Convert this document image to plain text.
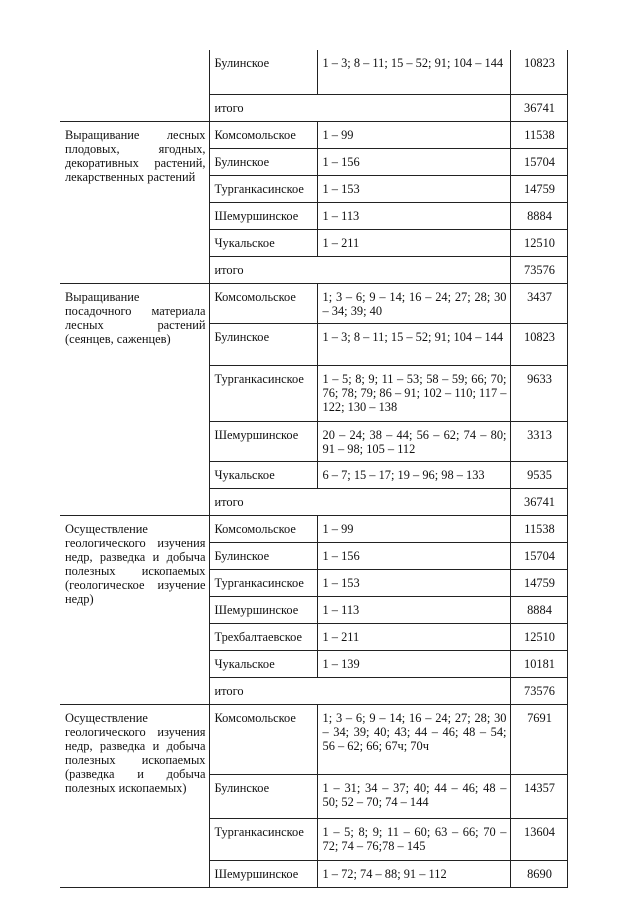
	Булинское	1 – 3; 8 – 11; 15 – 52; 91; 104 – 144	10823
	итого		36741
Выращивание лесных плодовых, ягодных, декоративных растений, лекарственных растений	Комсомольское	1 – 99	11538
	Булинское	1 – 156	15704
	Турганкасинское	1 – 153	14759
	Шемуршинское	1 – 113	8884
	Чукальское	1 – 211	12510
	итого		73576
Выращивание посадочного материала лесных растений (сеянцев, саженцев)	Комсомольское	1; 3 – 6; 9 – 14; 16 – 24; 27; 28; 30 – 34; 39; 40	3437
	Булинское	1 – 3; 8 – 11; 15 – 52; 91; 104 – 144	10823
	Турганкасинское	1 – 5; 8; 9; 11 – 53; 58 – 59; 66; 70; 76; 78; 79; 86 – 91; 102 – 110; 117 – 122; 130 – 138	9633
	Шемуршинское	20 – 24; 38 – 44; 56 – 62; 74 – 80; 91 – 98; 105 – 112	3313
	Чукальское	6 – 7; 15 – 17; 19 – 96; 98 – 133	9535
	итого		36741
Осуществление геологического изучения недр, разведка и добыча полезных ископаемых (геологическое изучение недр)	Комсомольское	1 – 99	11538
	Булинское	1 – 156	15704
	Турганкасинское	1 – 153	14759
	Шемуршинское	1 – 113	8884
	Трехбалтаевское	1 – 211	12510
	Чукальское	1 – 139	10181
	итого		73576
Осуществление геологического изучения недр, разведка и добыча полезных ископаемых (разведка и добыча полезных ископаемых)	Комсомольское	1; 3 – 6; 9 – 14; 16 – 24; 27; 28; 30 – 34; 39; 40; 43; 44 – 46; 48 – 54; 56 – 62; 66; 67ч; 70ч	7691
	Булинское	1 – 31; 34 – 37; 40; 44 – 46; 48 – 50; 52 – 70; 74 – 144	14357
	Турганкасинское	1 – 5; 8; 9; 11 – 60; 63 – 66; 70 – 72; 74 – 76;78 – 145	13604
	Шемуршинское	1 – 72; 74 – 88; 91 – 112	8690
